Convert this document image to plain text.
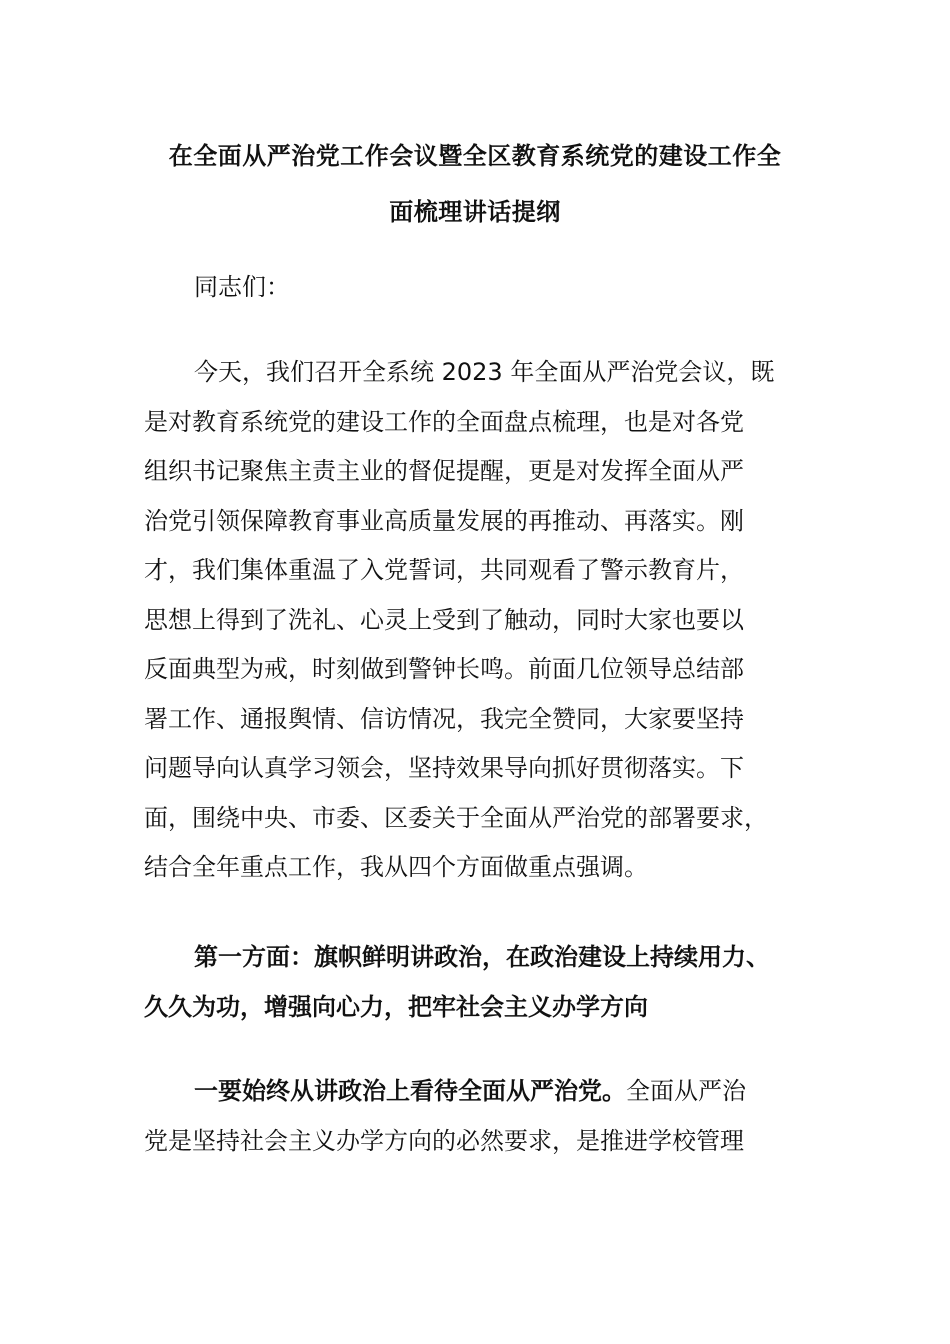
在全面从严治党工作会议暨全区教育系统党的建设工作全
面梳理讲话提纲
同志们：
今天，我们召开全系统 2023 年全面从严治党会议，既
是对教育系统党的建设工作的全面盘点梳理，也是对各党
组织书记聚焦主责主业的督促提醒，更是对发挥全面从严
治党引领保障教育事业高质量发展的再推动、再落实。刚
才，我们集体重温了入党誓词，共同观看了警示教育片，
思想上得到了洗礼、心灵上受到了触动，同时大家也要以
反面典型为戒，时刻做到警钟长鸣。前面几位领导总结部
署工作、通报舆情、信访情况，我完全赞同，大家要坚持
问题导向认真学习领会，坚持效果导向抓好贯彻落实。下
面，围绕中央、市委、区委关于全面从严治党的部署要求，
结合全年重点工作，我从四个方面做重点强调。
第一方面：旗帜鲜明讲政治，在政治建设上持续用力、
久久为功，增强向心力，把牢社会主义办学方向
一要始终从讲政治上看待全面从严治党。全面从严治
党是坚持社会主义办学方向的必然要求，是推进学校管理
